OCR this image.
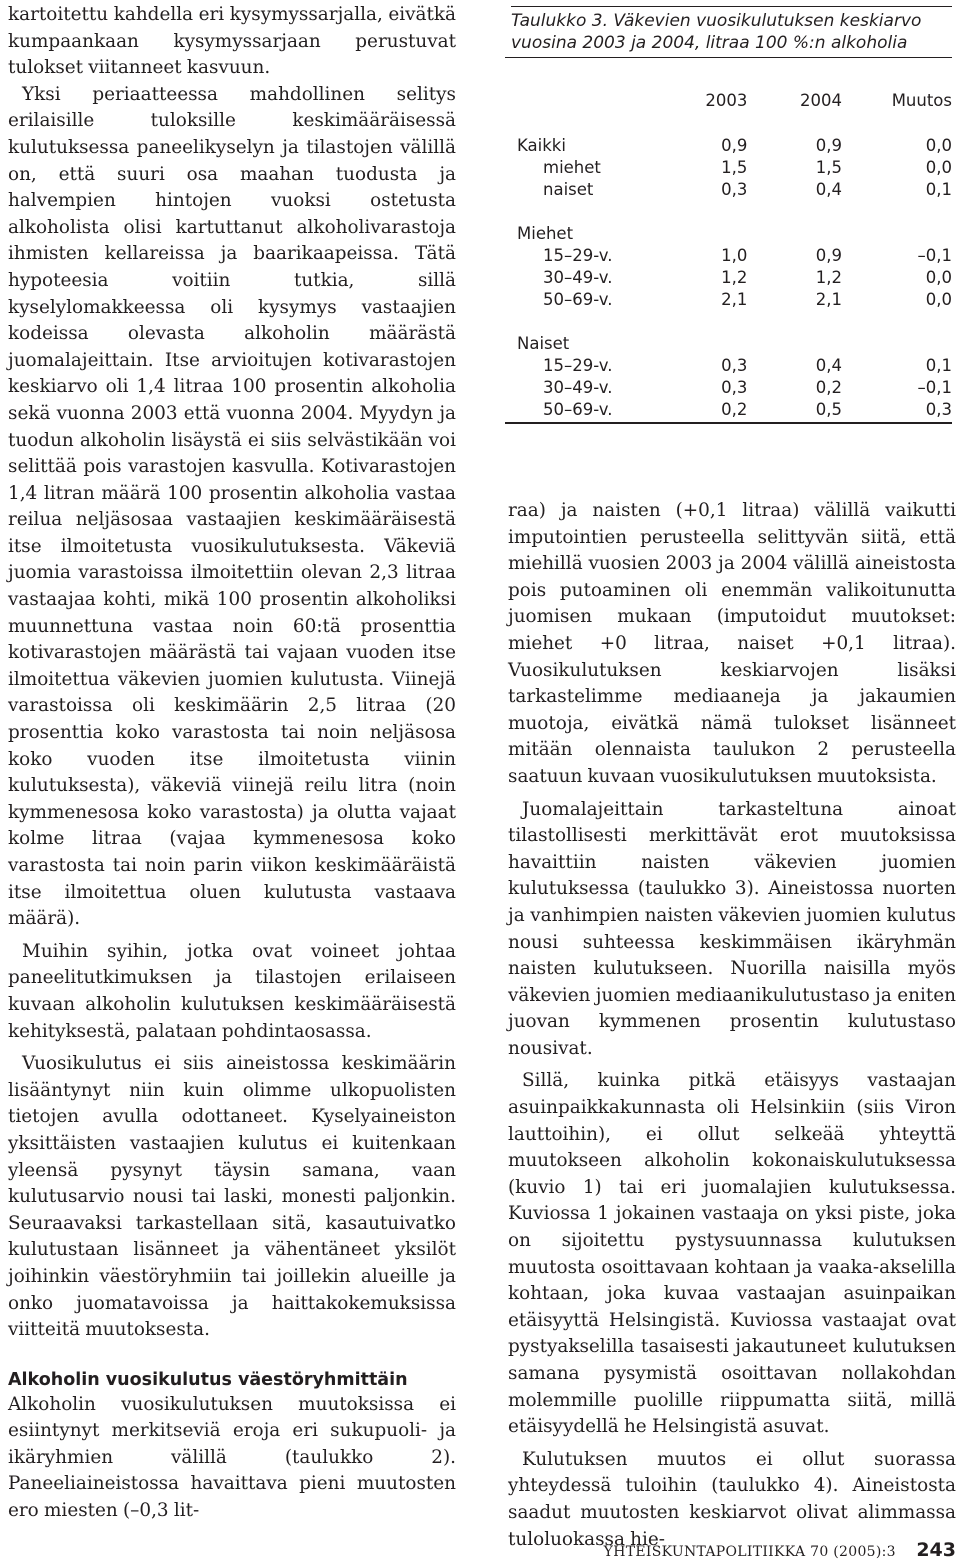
kartoitettu kahdella eri kysymyssarjalla, eivätkä kumpaankaan kysymyssarjaan perustuvat tulokset viitanneet kasvuun.

Yksi periaatteessa mahdollinen selitys erilaisille tuloksille keskimääräisessä kulutuksessa paneelikyselyn ja tilastojen välillä on, että suuri osa maahan tuodusta ja halvempien hintojen vuoksi ostetusta alkoholista olisi kartuttanut alkoholivarastoja ihmisten kellareissa ja baarikaapeissa. Tätä hypoteesia voitiin tutkia, sillä kyselylomakkeessa oli kysymys vastaajien kodeissa olevasta alkoholin määrästä juomalajeittain. Itse arvioitujen kotivarastojen keskiarvo oli 1,4 litraa 100 prosentin alkoholia sekä vuonna 2003 että vuonna 2004. Myydyn ja tuodun alkoholin lisäystä ei siis selvästikään voi selittää pois varastojen kasvulla. Kotivarastojen 1,4 litran määrä 100 prosentin alkoholia vastaa reilua neljäsosaa vastaajien keskimääräisestä itse ilmoitetusta vuosikulutuksesta. Väkeviä juomia varastoissa ilmoitettiin olevan 2,3 litraa vastaajaa kohti, mikä 100 prosentin alkoholiksi muunnettuna vastaa noin 60:tä prosenttia kotivarastojen määrästä tai vajaan vuoden itse ilmoitettua väkevien juomien kulutusta. Viinejä varastoissa oli keskimäärin 2,5 litraa (20 prosenttia koko varastosta tai noin neljäsosa koko vuoden itse ilmoitetusta viinin kulutuksesta), väkeviä viinejä reilu litra (noin kymmenesosa koko varastosta) ja olutta vajaat kolme litraa (vajaa kymmenesosa koko varastosta tai noin parin viikon keskimääräistä itse ilmoitettua oluen kulutusta vastaava määrä).

Muihin syihin, jotka ovat voineet johtaa paneelitutkimuksen ja tilastojen erilaiseen kuvaan alkoholin kulutuksen keskimääräisestä kehityksestä, palataan pohdintaosassa.

Vuosikulutus ei siis aineistossa keskimäärin lisääntynyt niin kuin olimme ulkopuolisten tietojen avulla odottaneet. Kyselyaineiston yksittäisten vastaajien kulutus ei kuitenkaan yleensä pysynyt täysin samana, vaan kulutusarvio nousi tai laski, monesti paljonkin. Seuraavaksi tarkastellaan sitä, kasautuivatko kulutustaan lisänneet ja vähentäneet yksilöt joihinkin väestöryhmiin tai joillekin alueille ja onko juomatavoissa ja haittakokemuksissa viitteitä muutoksesta.

Alkoholin vuosikulutus väestöryhmittäin

Alkoholin vuosikulutuksen muutoksissa ei esiintynyt merkitseviä eroja eri sukupuoli- ja ikäryhmien välillä (taulukko 2). Paneeliaineistossa havaittava pieni muutosten ero miesten (–0,3 lit-

Taulukko 3. Väkevien vuosikulutuksen keskiarvo
vuosina 2003 ja 2004, litraa 100 %:n alkoholia

	2003	2004	Muutos

Kaikki	0,9	0,9	0,0
miehet	1,5	1,5	0,0
naiset	0,3	0,4	0,1

Miehet			
15–29-v.	1,0	0,9	–0,1
30–49-v.	1,2	1,2	0,0
50–69-v.	2,1	2,1	0,0

Naiset			
15–29-v.	0,3	0,4	0,1
30–49-v.	0,3	0,2	–0,1
50–69-v.	0,2	0,5	0,3

raa) ja naisten (+0,1 litraa) välillä vaikutti imputointien perusteella selittyvän siitä, että miehillä vuosien 2003 ja 2004 välillä aineistosta pois putoaminen oli enemmän valikoitunutta juomisen mukaan (imputoidut muutokset: miehet +0 litraa, naiset +0,1 litraa). Vuosikulutuksen keskiarvojen lisäksi tarkastelimme mediaaneja ja jakaumien muotoja, eivätkä nämä tulokset lisänneet mitään olennaista taulukon 2 perusteella saatuun kuvaan vuosikulutuksen muutoksista.

Juomalajeittain tarkasteltuna ainoat tilastollisesti merkittävät erot muutoksissa havaittiin naisten väkevien juomien kulutuksessa (taulukko 3). Aineistossa nuorten ja vanhimpien naisten väkevien juomien kulutus nousi suhteessa keskimmäisen ikäryhmän naisten kulutukseen. Nuorilla naisilla myös väkevien juomien mediaanikulutustaso ja eniten juovan kymmenen prosentin kulutustaso nousivat.

Sillä, kuinka pitkä etäisyys vastaajan asuinpaikkakunnasta oli Helsinkiin (siis Viron lauttoihin), ei ollut selkeää yhteyttä muutokseen alkoholin kokonaiskulutuksessa (kuvio 1) tai eri juomalajien kulutuksessa. Kuviossa 1 jokainen vastaaja on yksi piste, joka on sijoitettu pystysuunnassa kulutuksen muutosta osoittavaan kohtaan ja vaaka-akselilla kohtaan, joka kuvaa vastaajan asuinpaikan etäisyyttä Helsingistä. Kuviossa vastaajat ovat pystyakselilla tasaisesti jakautuneet kulutuksen samana pysymistä osoittavan nollakohdan molemmille puolille riippumatta siitä, millä etäisyydellä he Helsingistä asuvat.

Kulutuksen muutos ei ollut suorassa yhteydessä tuloihin (taulukko 4). Aineistosta saadut muutosten keskiarvot olivat alimmassa tuloluokassa hie-

YHTEISKUNTAPOLITIIKKA 70 (2005):3 243
